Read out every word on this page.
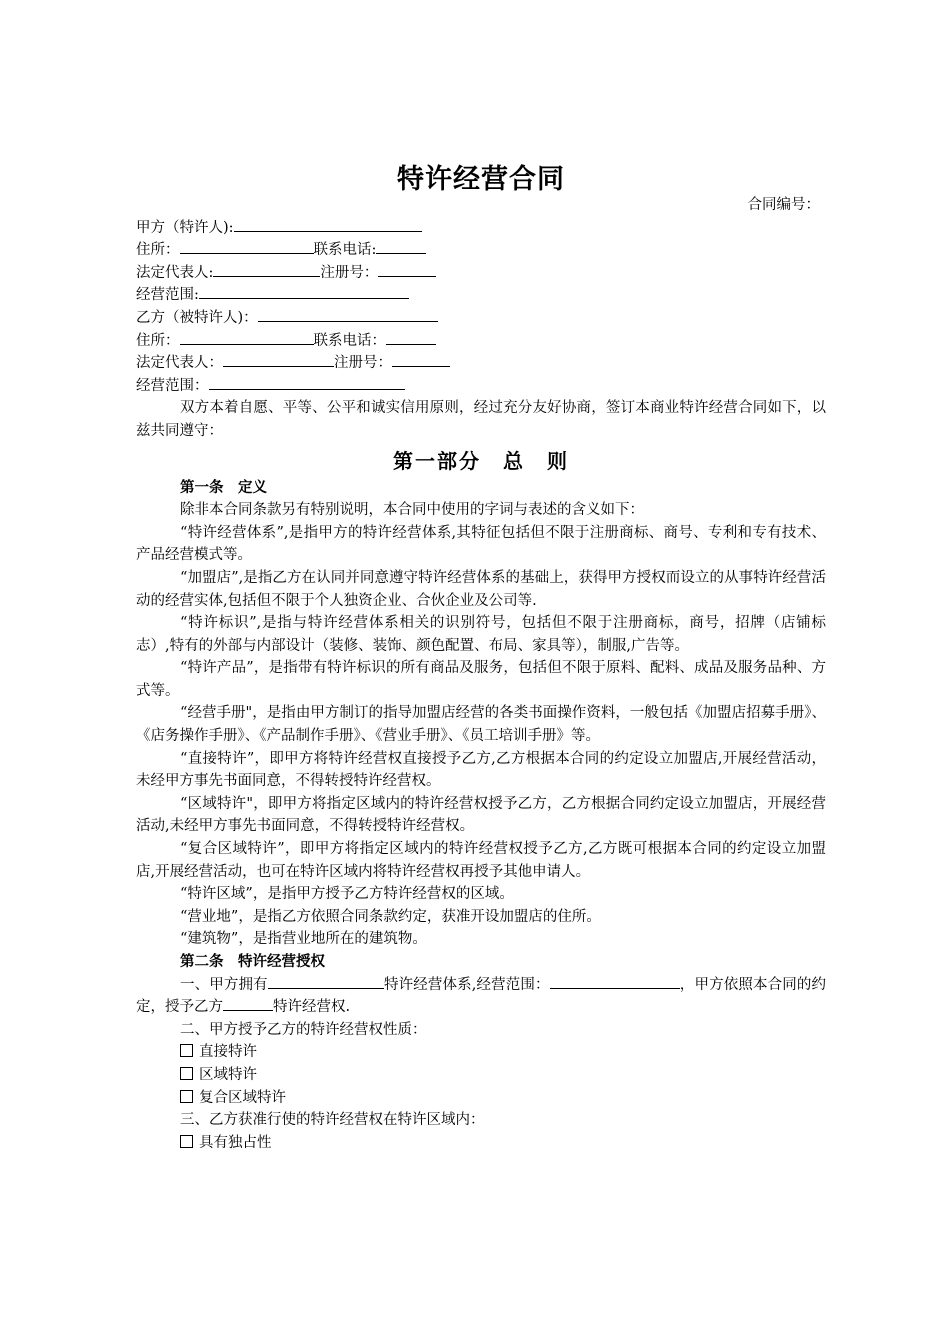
特许经营合同
合同编号：
甲方（特许人):
住所：	联系电话:
法定代表人:	注册号：
经营范围:
乙方（被特许人)：
住所：	联系电话：
法定代表人：	注册号：
经营范围：

双方本着自愿、平等、公平和诚实信用原则，经过充分友好协商，签订本商业特许经营合同如下，以兹共同遵守：

第一部分　总　则
第一条　定义

除非本合同条款另有特别说明，本合同中使用的字词与表述的含义如下：

“特许经营体系”,是指甲方的特许经营体系,其特征包括但不限于注册商标、商号、专利和专有技术、产品经营模式等。

“加盟店”,是指乙方在认同并同意遵守特许经营体系的基础上，获得甲方授权而设立的从事特许经营活动的经营实体,包括但不限于个人独资企业、合伙企业及公司等.

“特许标识”,是指与特许经营体系相关的识别符号，包括但不限于注册商标，商号，招牌（店铺标志）,特有的外部与内部设计（装修、装饰、颜色配置、布局、家具等），制服,广告等。

“特许产品”，是指带有特许标识的所有商品及服务，包括但不限于原料、配料、成品及服务品种、方式等。

“经营手册"，是指由甲方制订的指导加盟店经营的各类书面操作资料，一般包括《加盟店招募手册》、《店务操作手册》、《产品制作手册》、《营业手册》、《员工培训手册》等。

“直接特许”，即甲方将特许经营权直接授予乙方,乙方根据本合同的约定设立加盟店,开展经营活动，未经甲方事先书面同意，不得转授特许经营权。

“区域特许"，即甲方将指定区域内的特许经营权授予乙方，乙方根据合同约定设立加盟店，开展经营活动,未经甲方事先书面同意，不得转授特许经营权。

“复合区域特许”，即甲方将指定区域内的特许经营权授予乙方,乙方既可根据本合同的约定设立加盟店,开展经营活动，也可在特许区域内将特许经营权再授予其他申请人。

“特许区域”，是指甲方授予乙方特许经营权的区域。

“营业地”，是指乙方依照合同条款约定，获准开设加盟店的住所。

“建筑物”，是指营业地所在的建筑物。

第二条　特许经营授权

一、甲方拥有	特许经营体系,经营范围：	，甲方依照本合同的约定，授予乙方	特许经营权.

二、甲方授予乙方的特许经营权性质：

直接特许
区域特许
复合区域特许

三、乙方获准行使的特许经营权在特许区域内：

具有独占性
